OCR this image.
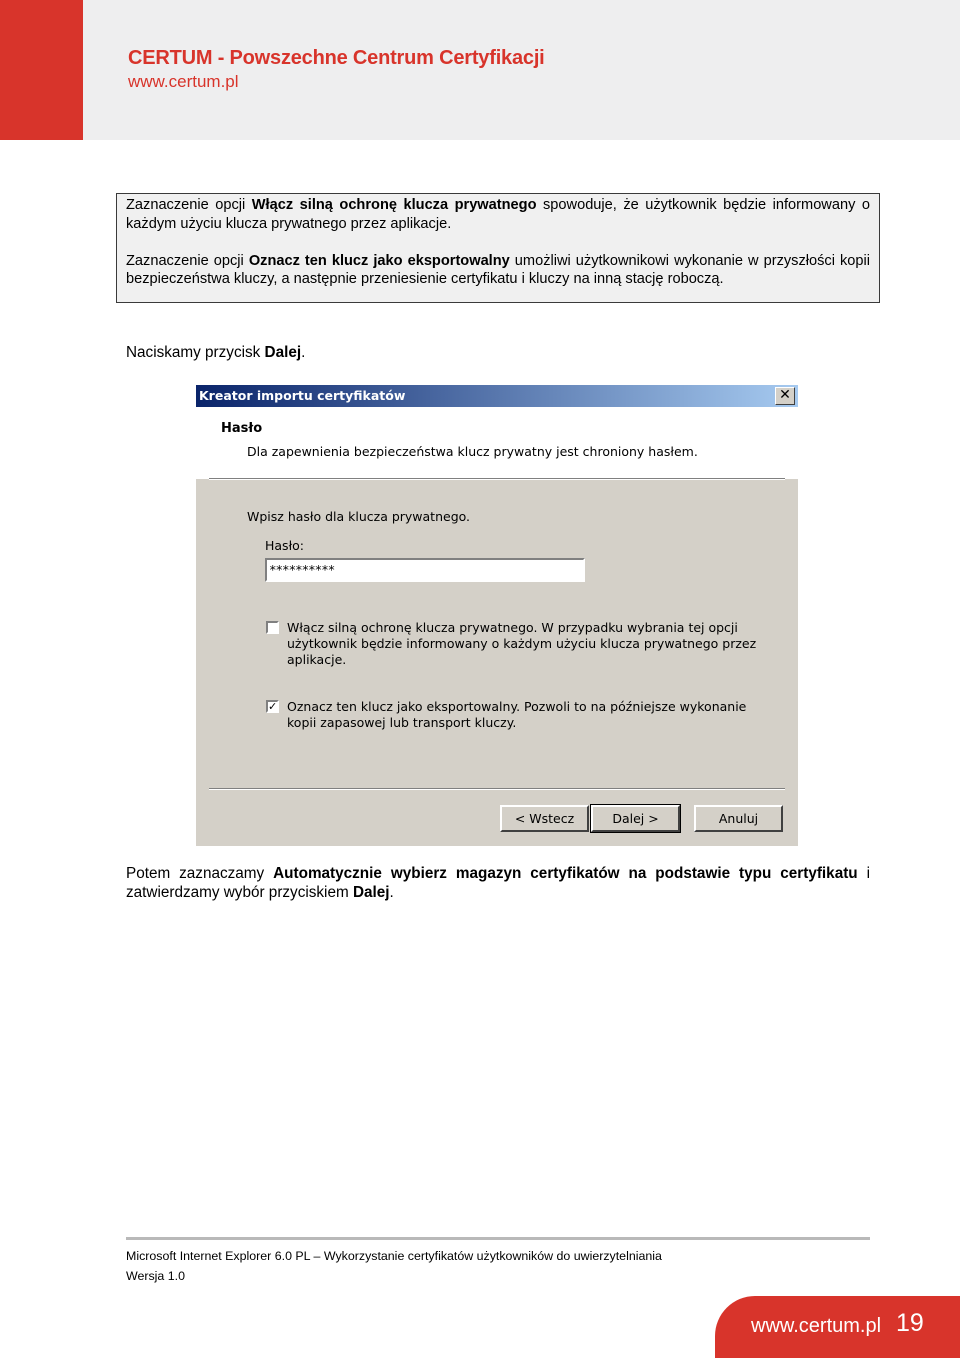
CERTUM - Powszechne Centrum Certyfikacji
www.certum.pl

Zaznaczenie opcji Włącz silną ochronę klucza prywatnego spowoduje, że użytkownik będzie informowany o każdym użyciu klucza prywatnego przez aplikacje.

Zaznaczenie opcji Oznacz ten klucz jako eksportowalny umożliwi użytkownikowi wykonanie w przyszłości kopii bezpieczeństwa kluczy, a następnie przeniesienie certyfikatu i kluczy na inną stację roboczą.

Naciskamy przycisk Dalej.
Kreator importu certyfikatów	✕
Hasło
Dla zapewnienia bezpieczeństwa klucz prywatny jest chroniony hasłem.
Wpisz hasło dla klucza prywatnego.
Hasło:
**********
Włącz silną ochronę klucza prywatnego. W przypadku wybrania tej opcji użytkownik będzie informowany o każdym użyciu klucza prywatnego przez aplikacje.
✓ Oznacz ten klucz jako eksportowalny. Pozwoli to na późniejsze wykonanie kopii zapasowej lub transport kluczy.
< Wstecz	Dalej >	Anuluj
Potem zaznaczamy Automatycznie wybierz magazyn certyfikatów na podstawie typu certyfikatu i zatwierdzamy wybór przyciskiem Dalej.
Microsoft Internet Explorer 6.0 PL – Wykorzystanie certyfikatów użytkowników do uwierzytelniania
Wersja 1.0
www.certum.pl 19
